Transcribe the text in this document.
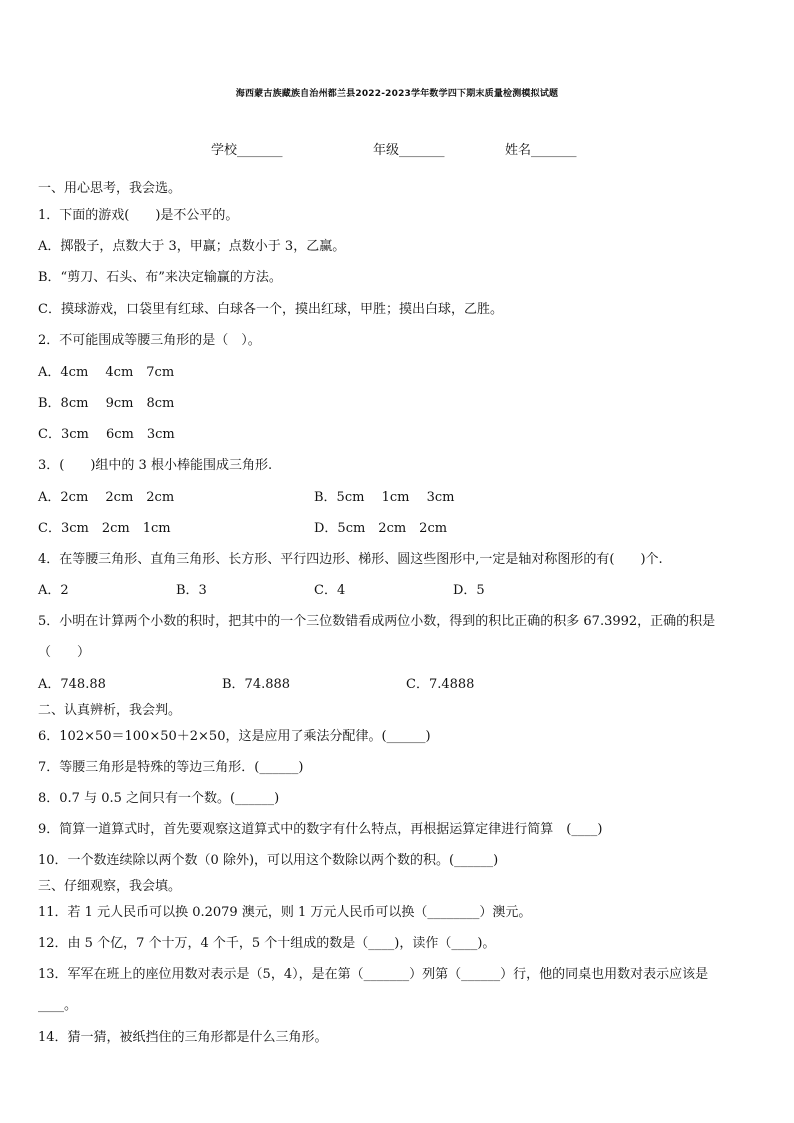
海西蒙古族藏族自治州都兰县2022-2023学年数学四下期末质量检测模拟试题
学校_______	年级_______	姓名_______
一、用心思考，我会选。
1．下面的游戏(　　)是不公平的。
A．掷骰子，点数大于 3，甲赢；点数小于 3，乙赢。
B．“剪刀、石头、布”来决定输赢的方法。
C．摸球游戏，口袋里有红球、白球各一个，摸出红球，甲胜；摸出白球，乙胜。
2．不可能围成等腰三角形的是（　）。
A．4cm　 4cm　7cm
B．8cm　 9cm　8cm
C．3cm　 6cm　3cm
3．(　　)组中的 3 根小棒能围成三角形.
A．2cm　 2cm　2cm	B．5cm　 1cm　 3cm
C．3cm　2cm　1cm	D．5cm　2cm　2cm
4．在等腰三角形、直角三角形、长方形、平行四边形、梯形、圆这些图形中,一定是轴对称图形的有(　　)个.
A．2	B．3	C．4	D．5
5．小明在计算两个小数的积时，把其中的一个三位数错看成两位小数，得到的积比正确的积多 67.3992，正确的积是
（　　）
A．748.88	B．74.888	C．7.4888
二、认真辨析，我会判。
6．102×50＝100×50＋2×50，这是应用了乘法分配律。(______)
7．等腰三角形是特殊的等边三角形．(______)
8．0.7 与 0.5 之间只有一个数。(______)
9．简算一道算式时，首先要观察这道算式中的数字有什么特点，再根据运算定律进行简算　(____)
10．一个数连续除以两个数（0 除外)，可以用这个数除以两个数的积。(______)
三、仔细观察，我会填。
11．若 1 元人民币可以换 0.2079 澳元，则 1 万元人民币可以换（________）澳元。
12．由 5 个亿，7 个十万，4 个千，5 个十组成的数是（____)，读作（____)。
13．军军在班上的座位用数对表示是（5，4），是在第（_______）列第（______）行，他的同桌也用数对表示应该是
____。
14．猜一猜，被纸挡住的三角形都是什么三角形。
